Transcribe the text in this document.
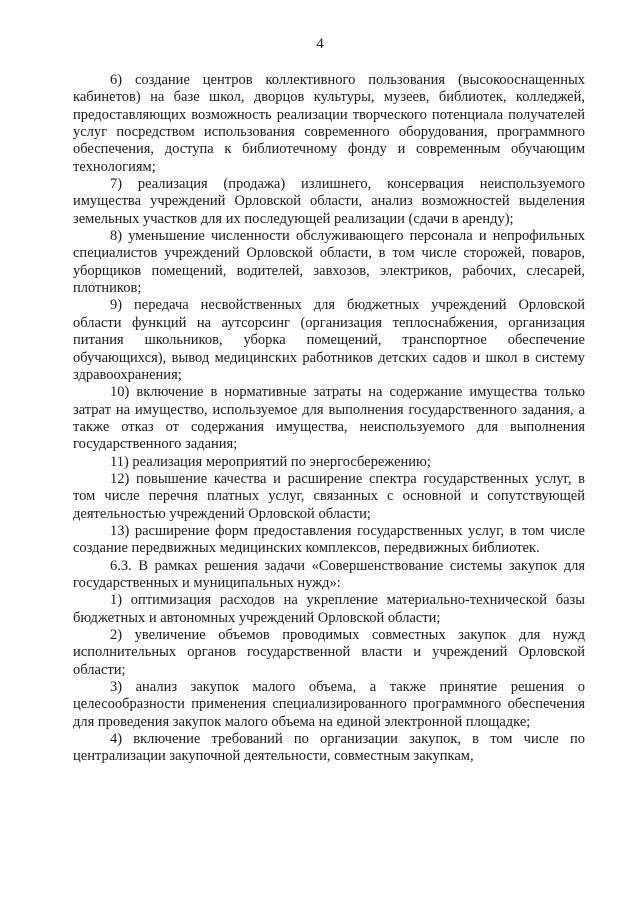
4

6) создание центров коллективного пользования (высокооснащенных кабинетов) на базе школ, дворцов культуры, музеев, библиотек, колледжей, предоставляющих возможность реализации творческого потенциала получателей услуг посредством использования современного оборудования, программного обеспечения, доступа к библиотечному фонду и современным обучающим технологиям;

7) реализация (продажа) излишнего, консервация неиспользуемого имущества учреждений Орловской области, анализ возможностей выделения земельных участков для их последующей реализации (сдачи в аренду);

8) уменьшение численности обслуживающего персонала и непрофильных специалистов учреждений Орловской области, в том числе сторожей, поваров, уборщиков помещений, водителей, завхозов, электриков, рабочих, слесарей, плотников;

9) передача несвойственных для бюджетных учреждений Орловской области функций на аутсорсинг (организация теплоснабжения, организация питания школьников, уборка помещений, транспортное обеспечение обучающихся), вывод медицинских работников детских садов и школ в систему здравоохранения;

10) включение в нормативные затраты на содержание имущества только затрат на имущество, используемое для выполнения государственного задания, а также отказ от содержания имущества, неиспользуемого для выполнения государственного задания;

11) реализация мероприятий по энергосбережению;

12) повышение качества и расширение спектра государственных услуг, в том числе перечня платных услуг, связанных с основной и сопутствующей деятельностью учреждений Орловской области;

13) расширение форм предоставления государственных услуг, в том числе создание передвижных медицинских комплексов, передвижных библиотек.

6.3. В рамках решения задачи «Совершенствование системы закупок для государственных и муниципальных нужд»:

1) оптимизация расходов на укрепление материально-технической базы бюджетных и автономных учреждений Орловской области;

2) увеличение объемов проводимых совместных закупок для нужд исполнительных органов государственной власти и учреждений Орловской области;

3) анализ закупок малого объема, а также принятие решения о целесообразности применения специализированного программного обеспечения для проведения закупок малого объема на единой электронной площадке;

4) включение требований по организации закупок, в том числе по централизации закупочной деятельности, совместным закупкам,
